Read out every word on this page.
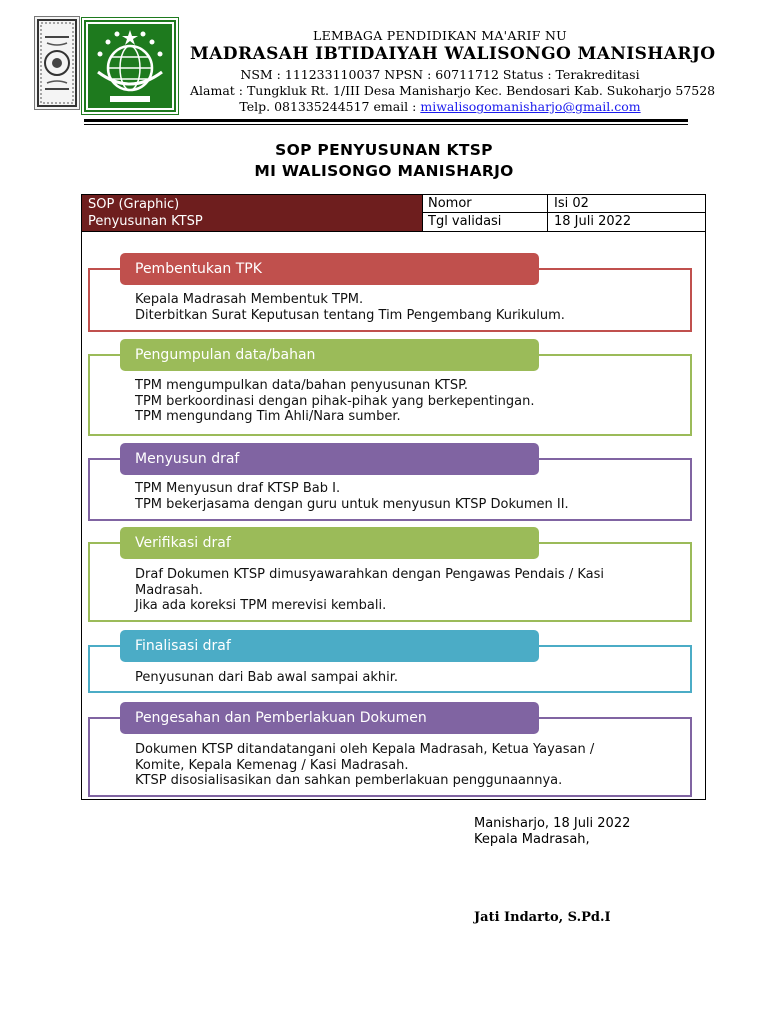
LEMBAGA PENDIDIKAN MA'ARIF NU
MADRASAH IBTIDAIYAH WALISONGO MANISHARJO
NSM : 111233110037 NPSN : 60711712 Status : Terakreditasi
Alamat : Tungkluk Rt. 1/III Desa Manisharjo Kec. Bendosari Kab. Sukoharjo 57528
Telp. 081335244517 email : miwalisogomanisharjo@gmail.com
SOP PENYUSUNAN KTSP
MI WALISONGO MANISHARJO
SOP (Graphic)
Penyusunan KTSP
Nomor	Isi 02
Tgl validasi	18 Juli 2022
Pembentukan TPK
Kepala Madrasah Membentuk TPM.
Diterbitkan Surat Keputusan tentang Tim Pengembang Kurikulum.
Pengumpulan data/bahan
TPM mengumpulkan data/bahan penyusunan KTSP.
TPM berkoordinasi dengan pihak-pihak yang berkepentingan.
TPM mengundang Tim Ahli/Nara sumber.
Menyusun draf
TPM Menyusun draf KTSP Bab I.
TPM bekerjasama dengan guru untuk menyusun KTSP Dokumen II.
Verifikasi draf
Draf Dokumen KTSP dimusyawarahkan dengan Pengawas Pendais / Kasi
Madrasah.
Jika ada koreksi TPM merevisi kembali.
Finalisasi draf
Penyusunan dari Bab awal sampai akhir.
Pengesahan dan Pemberlakuan Dokumen
Dokumen KTSP ditandatangani oleh Kepala Madrasah, Ketua Yayasan /
Komite, Kepala Kemenag / Kasi Madrasah.
KTSP disosialisasikan dan sahkan pemberlakuan penggunaannya.
Manisharjo, 18 Juli 2022
Kepala Madrasah,
Jati Indarto, S.Pd.I
